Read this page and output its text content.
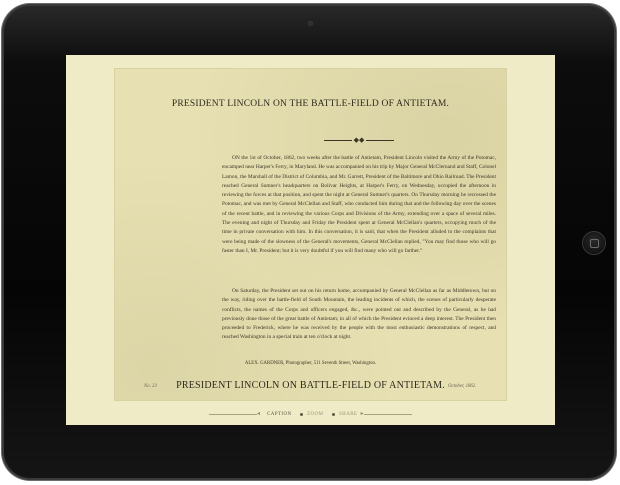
PRESIDENT LINCOLN ON THE BATTLE-FIELD OF ANTIETAM.
◆◆
ON the 1st of October, 1862, two weeks after the battle of Antietam, President Lincoln visited the Army of the Potomac, encamped near Harper's Ferry, in Maryland. He was accompanied on his trip by Major General McClernand and Staff, Colonel Lamon, the Marshall of the District of Columbia, and Mr. Garrett, President of the Baltimore and Ohio Railroad. The President reached General Sumner's headquarters on Bolivar Heights, at Harper's Ferry, on Wednesday, occupied the afternoon in reviewing the forces at that position, and spent the night at General Sumner's quarters. On Thursday morning he recrossed the Potomac, and was met by General McClellan and Staff, who conducted him during that and the following day over the scenes of the recent battle, and in reviewing the various Corps and Divisions of the Army, extending over a space of several miles. The evening and night of Thursday and Friday the President spent at General McClellan's quarters, occupying much of the time in private conversation with him. In this conversation, it is said, that when the President alluded to the complaints that were being made of the slowness of the General's movements, General McClellan replied, "You may find those who will go faster than I, Mr. President; but it is very doubtful if you will find many who will go farther."
On Saturday, the President set out on his return home, accompanied by General McClellan as far as Middletown, but on the way, riding over the battle-field of South Mountain, the leading incidents of which, the scenes of particularly desperate conflicts, the names of the Corps and officers engaged, &c., were pointed out and described by the General, as he had previously done those of the great battle of Antietam; in all of which the President evinced a deep interest. The President then proceeded to Frederick, where he was received by the people with the most enthusiastic demonstrations of respect, and reached Washington in a special train at ten o'clock at night.
ALEX. GARDNER, Photographer, 511 Seventh Street, Washington.
PRESIDENT LINCOLN ON BATTLE-FIELD OF ANTIETAM.
No. 23	October, 1862.
◂ CAPTION	ZOOM	SHARE ▸
